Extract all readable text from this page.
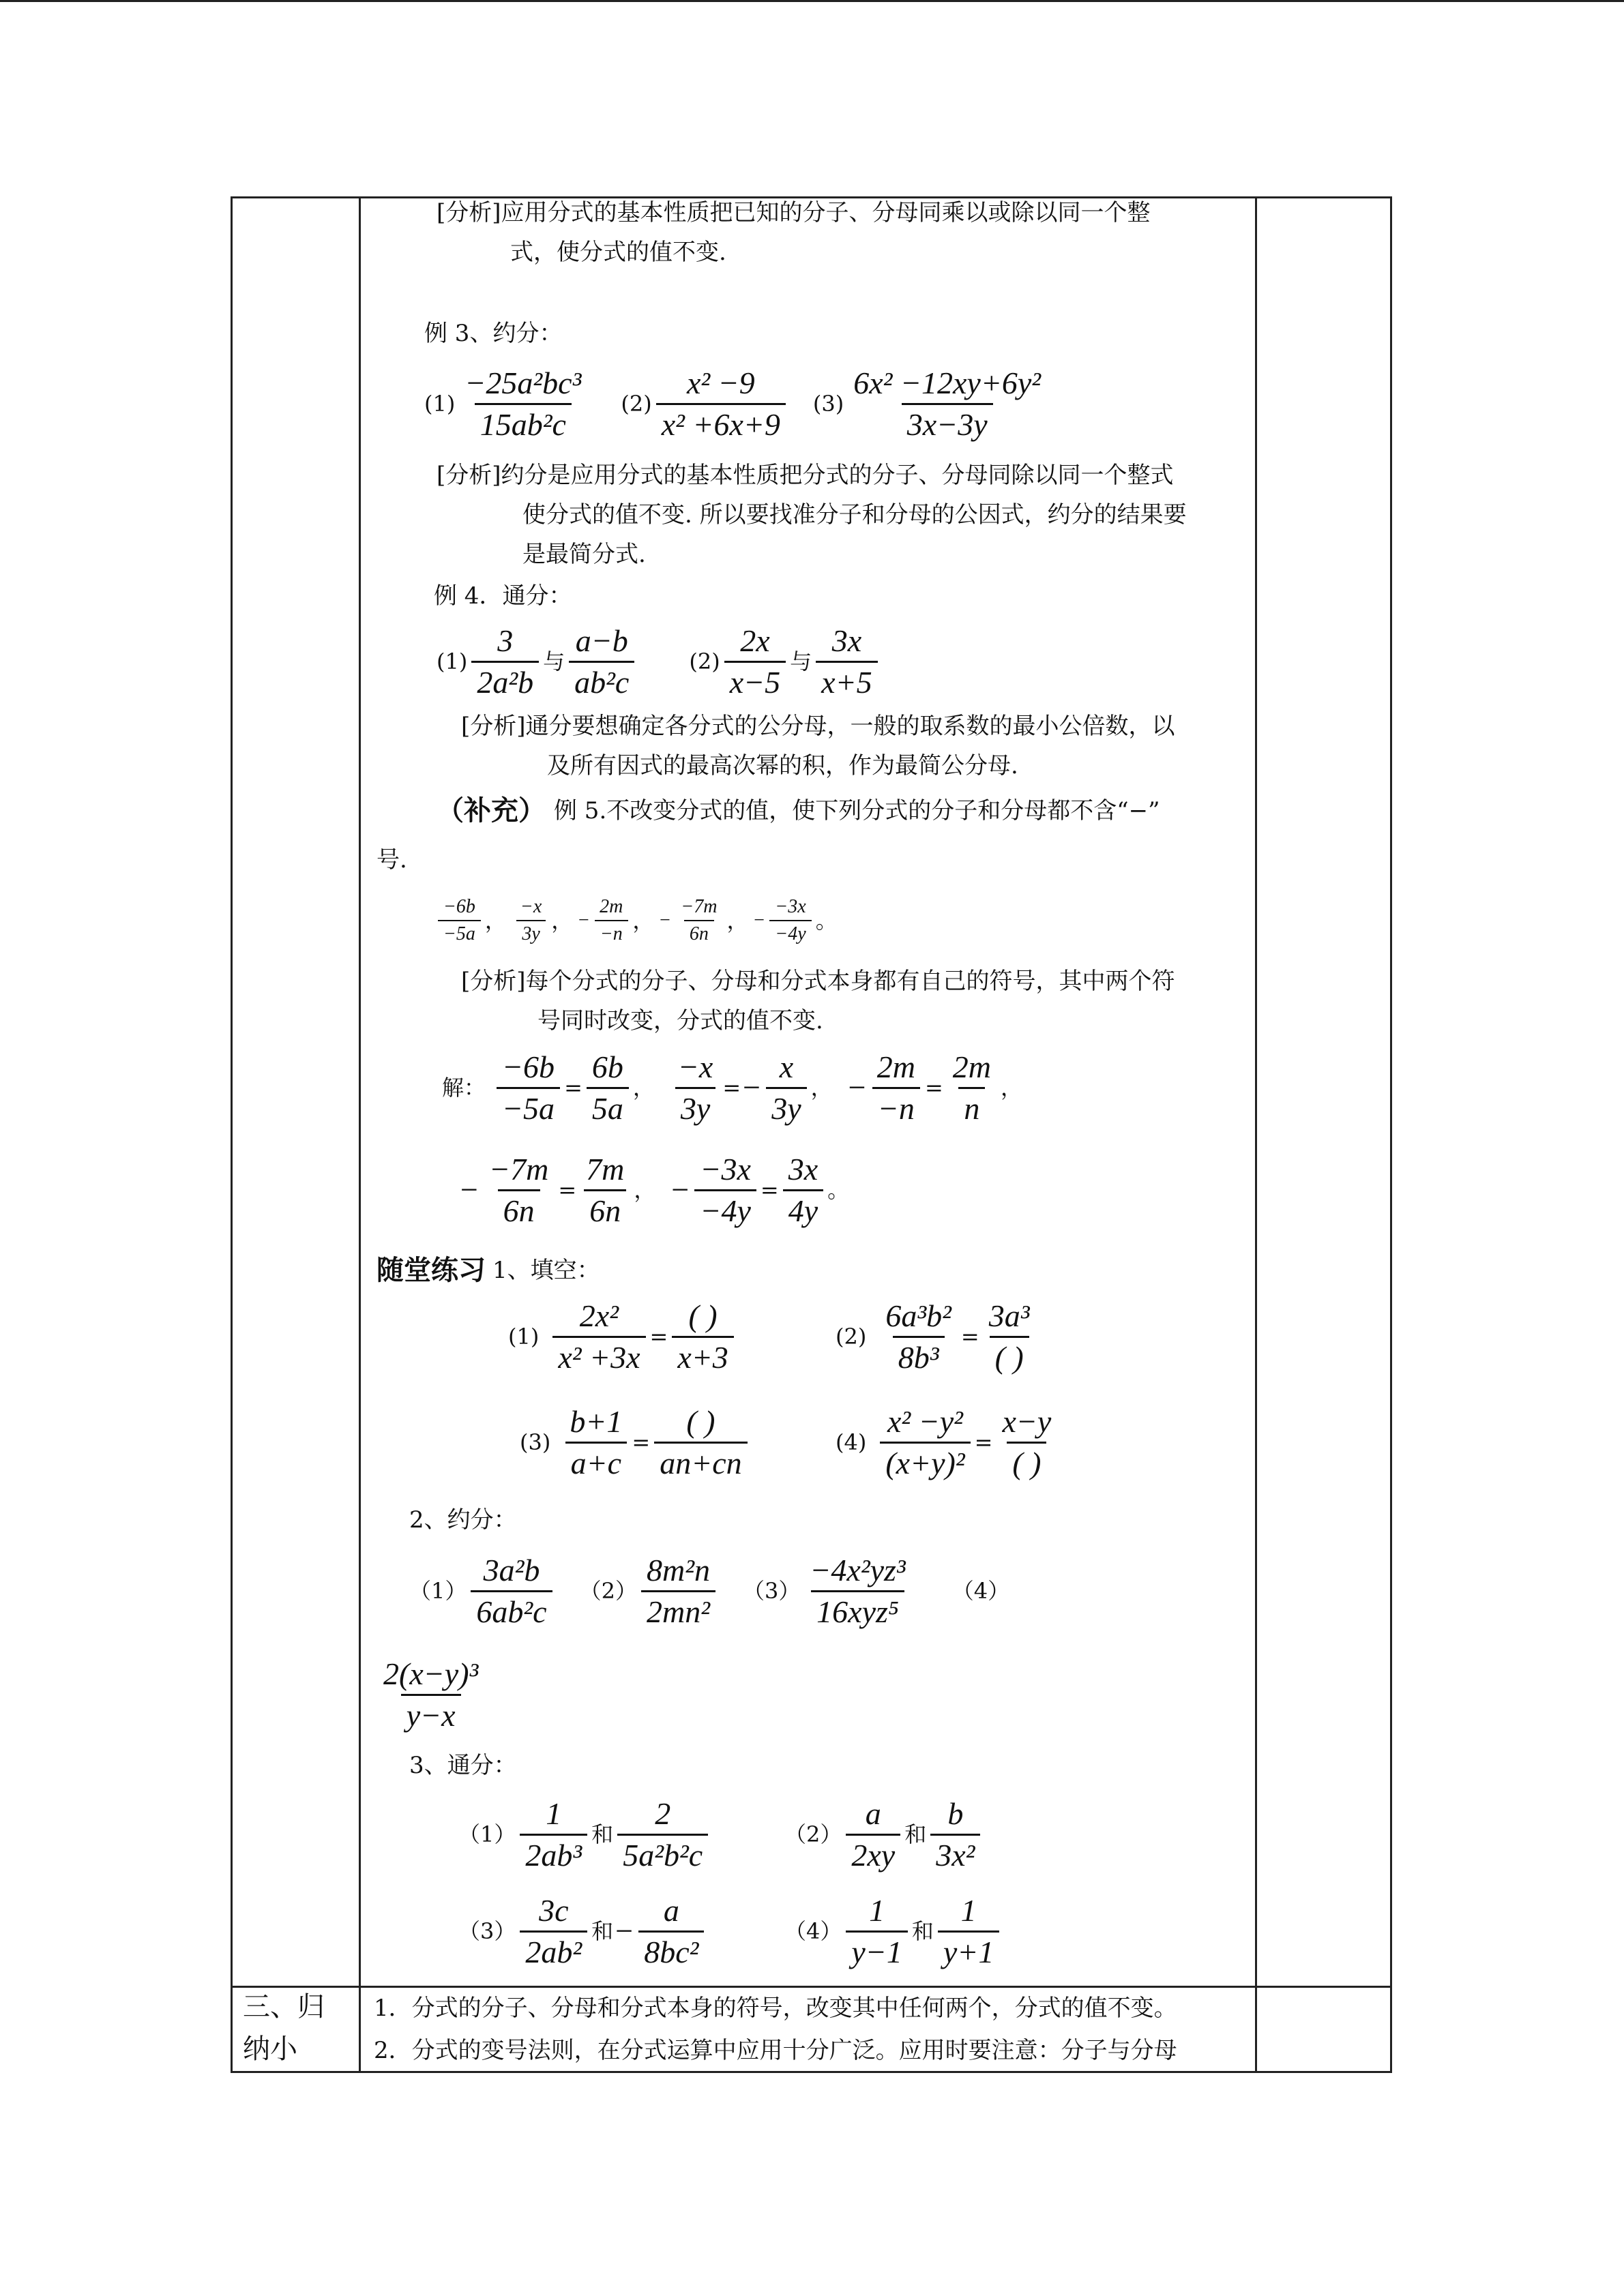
[分析]应用分式的基本性质把已知的分子、分母同乘以或除以同一个整
式，使分式的值不变.
例 3、约分：
$(1) \frac{\text{−25a²bc³}}{\text{15ab²c}} (2) \frac{\text{x² −9}}{\text{x² +6x+9}} (3) \frac{\text{6x² −12xy+6y²}}{3x-3y}$
[分析]约分是应用分式的基本性质把分式的分子、分母同除以同一个整式
使分式的值不变. 所以要找准分子和分母的公因式，约分的结果要
是最简分式.
例 4．通分：
$(1) \frac{3}{\text{2a²b}}$ 与 $\frac{a-b}{\text{ab²c}}$	$(2) \frac{2x}{x-5}$ 与 $\frac{3x}{x+5}$
[分析]通分要想确定各分式的公分母，一般的取系数的最小公倍数，以
及所有因式的最高次幂的积，作为最简公分母.
（补充） 例 5.不改变分式的值，使下列分式的分子和分母都不含“−”
号.
$\frac{-6b}{-5a}$ ， $\frac{-x}{3y}$ ， − $\frac{2m}{-n}$ ， − $\frac{-7m}{6n}$ ， − $\frac{-3x}{-4y}$ 。
[分析]每个分式的分子、分母和分式本身都有自己的符号，其中两个符
号同时改变，分式的值不变.
解： $\frac{-6b}{-5a} = \frac{6b}{5a}$ ， $\frac{-x}{3y}$ = − $\frac{x}{3y}$ ， − $\frac{2m}{-n} = \frac{2m}{n}$ ，
− $\frac{-7m}{6n} = \frac{7m}{6n}$ ， − $\frac{-3x}{-4y} = \frac{3x}{4y}$ 。
随堂练习 1、填空：
$(1) \frac{\text{2x²}}{\text{x² +3x}} = \frac{( )}{x+3}$	$(2) \frac{\text{6a³b²}}{\text{8b³}} = \frac{\text{3a³}}{( )}$
$(3) \frac{b+1}{a+c} = \frac{( )}{an+cn}$	$(4) \frac{\text{x² −y²}}{\text{(x+y)²}} = \frac{x-y}{( )}$
2、约分：
$(1) \frac{\text{3a²b}}{\text{6ab²c}} (2) \frac{\text{8m²n}}{\text{2mn²}} (3) \frac{\text{−4x²yz³}}{\text{16xyz⁵}} (4)$
$\frac{\text{2(x−y)³}}{y-x}$
3、通分：
$(1) \frac{1}{\text{2ab³}}$ 和 $\frac{2}{\text{5a²b²c}}$	$(2) \frac{a}{2xy}$ 和 $\frac{b}{\text{3x²}}$
$(3) \frac{3c}{\text{2ab²}}$ 和 − $\frac{a}{\text{8bc²}}$	$(4) \frac{1}{y-1}$ 和 $\frac{1}{y+1}$
三、归
纳小
1．分式的分子、分母和分式本身的符号，改变其中任何两个，分式的值不变。
2．分式的变号法则，在分式运算中应用十分广泛。应用时要注意：分子与分母
